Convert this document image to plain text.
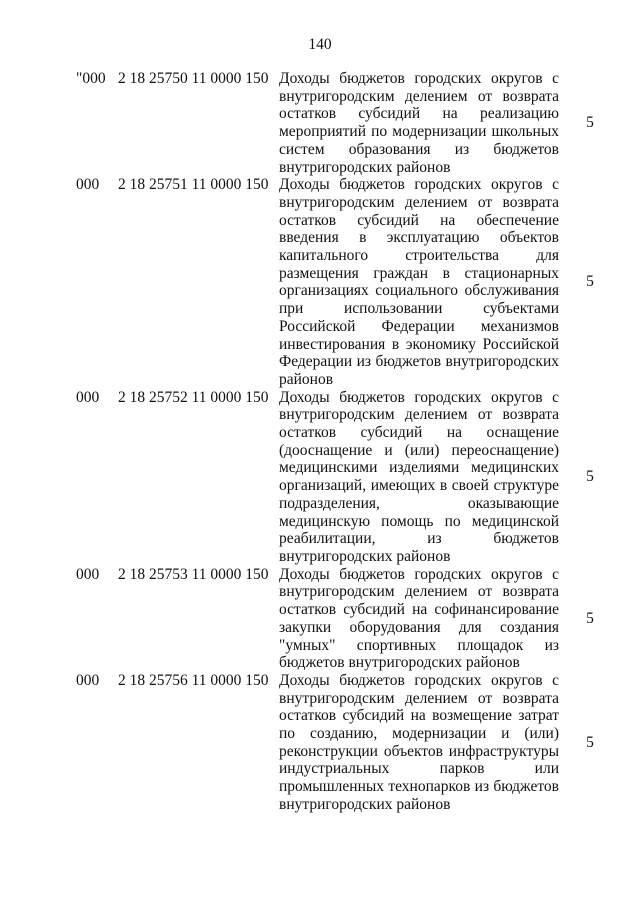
140
"000 2 18 25750 11 0000 150 Доходы бюджетов городских округов с внутригородским делением от возврата остатков субсидий на реализацию мероприятий по модернизации школьных систем образования из бюджетов внутригородских районов
5
000 2 18 25751 11 0000 150 Доходы бюджетов городских округов с внутригородским делением от возврата остатков субсидий на обеспечение введения в эксплуатацию объектов капитального строительства для размещения граждан в стационарных организациях социального обслуживания при использовании субъектами Российской Федерации механизмов инвестирования в экономику Российской Федерации из бюджетов внутригородских районов
5
000 2 18 25752 11 0000 150 Доходы бюджетов городских округов с внутригородским делением от возврата остатков субсидий на оснащение (дооснащение и (или) переоснащение) медицинскими изделиями медицинских организаций, имеющих в своей структуре подразделения, оказывающие медицинскую помощь по медицинской реабилитации, из бюджетов внутригородских районов
5
000 2 18 25753 11 0000 150 Доходы бюджетов городских округов с внутригородским делением от возврата остатков субсидий на софинансирование закупки оборудования для создания "умных" спортивных площадок из бюджетов внутригородских районов
5
000 2 18 25756 11 0000 150 Доходы бюджетов городских округов с внутригородским делением от возврата остатков субсидий на возмещение затрат по созданию, модернизации и (или) реконструкции объектов инфраструктуры индустриальных парков или промышленных технопарков из бюджетов внутригородских районов
5
